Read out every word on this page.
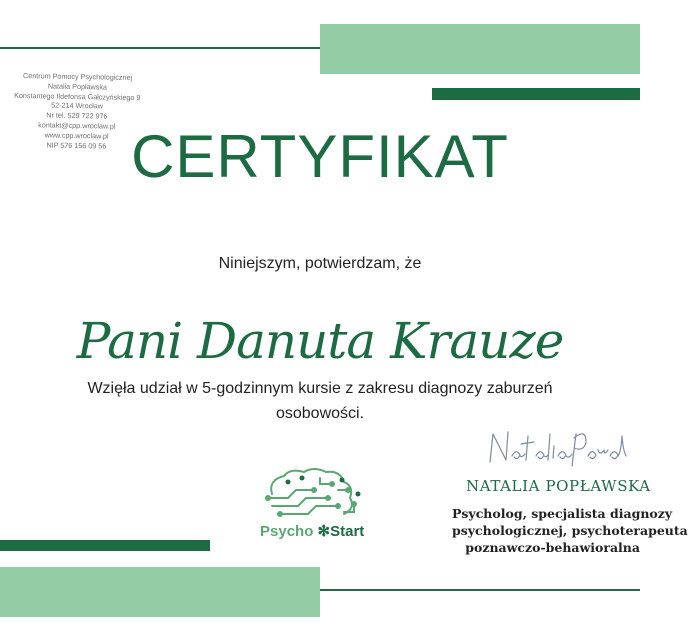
Centrum Pomocy Psychologicznej
Natalia Popławska
Konstantego Ildefonsa Gałczyńskiego 9
52-214 Wrocław
Nr tel. 529 722 976
kontakt@cpp.wroclaw.pl
www.cpp.wroclaw.pl
NIP 576 156 09 56 CERTYFIKAT
Niniejszym, potwierdzam, że
Pani Danuta Krauze
Wzięła udział w 5-godzinnym kursie z zakresu diagnozy zaburzeń
osobowości.
NATALIA POPŁAWSKA
Psycholog, specjalista diagnozy
psychologicznej, psychoterapeuta
poznawczo-behawioralna
Psycho ✻Start
